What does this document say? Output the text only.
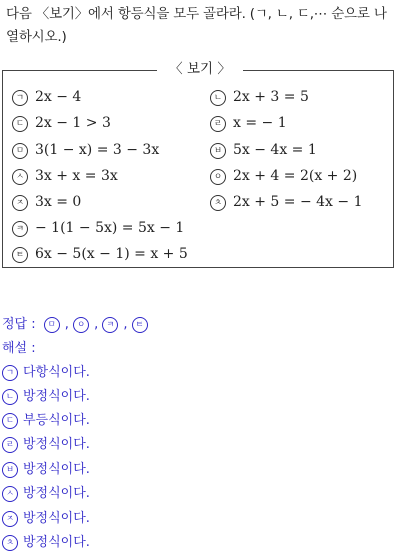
다음 〈보기〉에서 항등식을 모두 골라라. (ㄱ, ㄴ, ㄷ,⋯ 순으로 나열하시오.)
〈 보기 〉
ㄱ 2x − 4	ㄴ 2x + 3 = 5
ㄷ 2x − 1 > 3	ㄹ x = − 1
ㅁ 3(1 − x) = 3 − 3x	ㅂ 5x − 4x = 1
ㅅ 3x + x = 3x	ㅇ 2x + 4 = 2(x + 2)
ㅈ 3x = 0	ㅊ 2x + 5 = − 4x − 1
ㅋ − 1(1 − 5x) = 5x − 1
ㅌ 6x − 5(x − 1) = x + 5
정답 : ㅁ , ㅇ , ㅋ , ㅌ
해설 :
ㄱ 다항식이다.
ㄴ 방정식이다.
ㄷ 부등식이다.
ㄹ 방정식이다.
ㅂ 방정식이다.
ㅅ 방정식이다.
ㅈ 방정식이다.
ㅊ 방정식이다.
